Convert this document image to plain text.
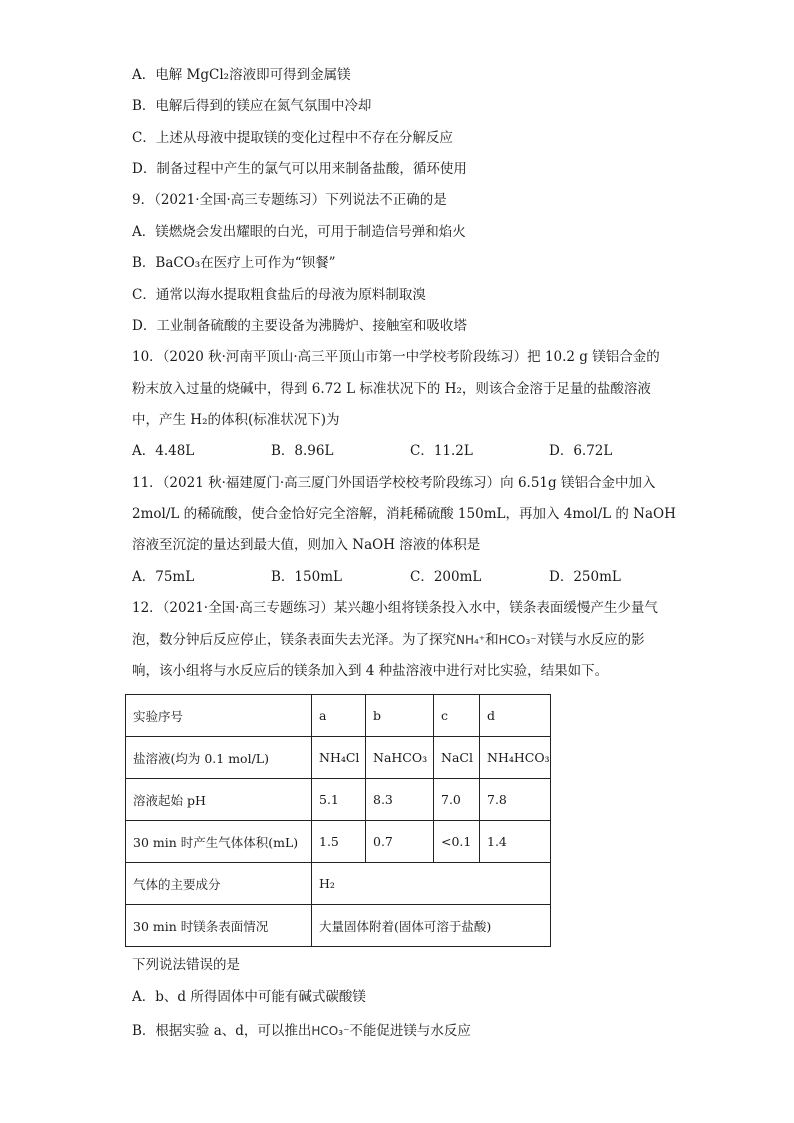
A．电解 MgCl₂溶液即可得到金属镁
B．电解后得到的镁应在氮气氛围中冷却
C．上述从母液中提取镁的变化过程中不存在分解反应
D．制备过程中产生的氯气可以用来制备盐酸，循环使用
9．（2021·全国·高三专题练习）下列说法不正确的是
A．镁燃烧会发出耀眼的白光，可用于制造信号弹和焰火
B．BaCO₃在医疗上可作为“钡餐”
C．通常以海水提取粗食盐后的母液为原料制取溴
D．工业制备硫酸的主要设备为沸腾炉、接触室和吸收塔
10．（2020 秋·河南平顶山·高三平顶山市第一中学校考阶段练习）把 10.2 g 镁铝合金的
粉末放入过量的烧碱中，得到 6.72 L 标准状况下的 H₂，则该合金溶于足量的盐酸溶液
中，产生 H₂的体积(标准状况下)为
A．4.48L	B．8.96L	C．11.2L	D．6.72L
11．（2021 秋·福建厦门·高三厦门外国语学校校考阶段练习）向 6.51g 镁铝合金中加入
2mol/L 的稀硫酸，使合金恰好完全溶解，消耗稀硫酸 150mL，再加入 4mol/L 的 NaOH
溶液至沉淀的量达到最大值，则加入 NaOH 溶液的体积是
A．75mL	B．150mL	C．200mL	D．250mL
12．（2021·全国·高三专题练习）某兴趣小组将镁条投入水中，镁条表面缓慢产生少量气
泡，数分钟后反应停止，镁条表面失去光泽。为了探究NH₄⁺和HCO₃⁻对镁与水反应的影
响，该小组将与水反应后的镁条加入到 4 种盐溶液中进行对比实验，结果如下。
实验序号	a	b	c	d
盐溶液(均为 0.1 mol/L)	NH₄Cl	NaHCO₃	NaCl	NH₄HCO₃
溶液起始 pH	5.1	8.3	7.0	7.8
30 min 时产生气体体积(mL)	1.5	0.7	<0.1	1.4
气体的主要成分	H₂			
30 min 时镁条表面情况	大量固体附着(固体可溶于盐酸)			
下列说法错误的是
A．b、d 所得固体中可能有碱式碳酸镁
B．根据实验 a、d，可以推出HCO₃⁻不能促进镁与水反应
